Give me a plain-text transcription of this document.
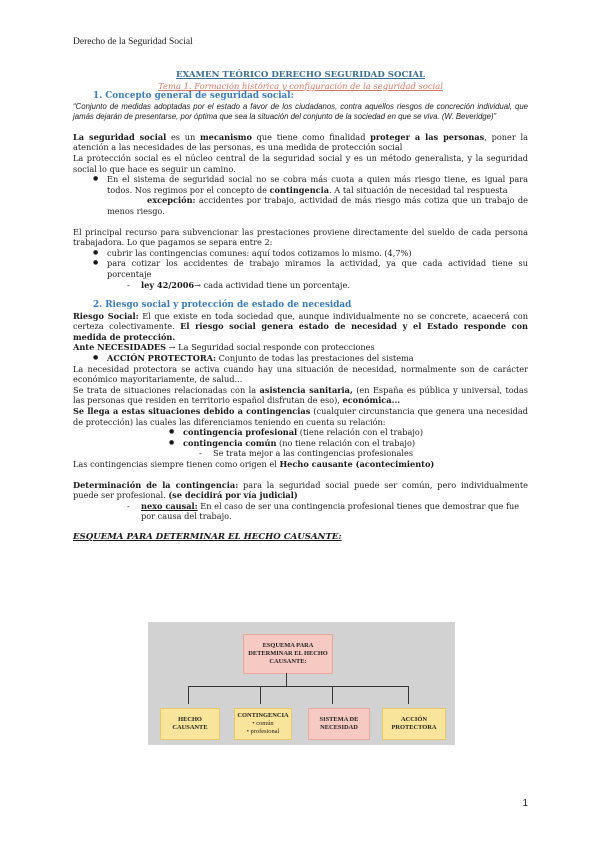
Derecho de la Seguridad Social
EXAMEN TEÓRICO DERECHO SEGURIDAD SOCIAL
Tema 1. Formación histórica y configuración de la seguridad social
1. Concepto general de seguridad social:
“Conjunto de medidas adoptadas por el estado a favor de los ciudadanos, contra aquellos riesgos de concreción individual, que jamás dejarán de presentarse, por óptima que sea la situación del conjunto de la sociedad en que se viva. (W. Beveridge)”

La seguridad social es un mecanismo que tiene como finalidad proteger a las personas, poner la atención a las necesidades de las personas, es una medida de protección social

La protección social es el núcleo central de la seguridad social y es un método generalista, y la seguridad social lo que hace es seguir un camino.

● En el sistema de seguridad social no se cobra más cuota a quien más riesgo tiene, es igual para todos. Nos regimos por el concepto de contingencia. A tal situación de necesidad tal respuesta
excepción: accidentes por trabajo, actividad de más riesgo más cotiza que un trabajo de menos riesgo.

El principal recurso para subvencionar las prestaciones proviene directamente del sueldo de cada persona trabajadora. Lo que pagamos se separa entre 2:

● cubrir las contingencias comunes: aquí todos cotizamos lo mismo. (4,7%)
● para cotizar los accidentes de trabajo miramos la actividad, ya que cada actividad tiene su porcentaje
- ley 42/2006→ cada actividad tiene un porcentaje.
2. Riesgo social y protección de estado de necesidad

Riesgo Social: El que existe en toda sociedad que, aunque individualmente no se concrete, acaecerá con certeza colectivamente. El riesgo social genera estado de necesidad y el Estado responde con medida de protección.

Ante NECESIDADES → La Seguridad social responde con protecciones

● ACCIÓN PROTECTORA: Conjunto de todas las prestaciones del sistema

La necesidad protectora se activa cuando hay una situación de necesidad, normalmente son de carácter económico mayoritariamente, de salud...

Se trata de situaciones relacionadas con la asistencia sanitaria, (en España es pública y universal, todas las personas que residen en territorio español disfrutan de eso), económica...

Se llega a estas situaciones debido a contingencias (cualquier circunstancia que genera una necesidad de protección) las cuales las diferenciamos teniendo en cuenta su relación:

● contingencia profesional (tiene relación con el trabajo)
● contingencia común (no tiene relación con el trabajo)
- Se trata mejor a las contingencias profesionales

Las contingencias siempre tienen como origen el Hecho causante (acontecimiento)

Determinación de la contingencia: para la seguridad social puede ser común, pero individualmente puede ser profesional. (se decidirá por vía judicial)

- nexo causal: En el caso de ser una contingencia profesional tienes que demostrar que fue por causa del trabajo.
ESQUEMA PARA DETERMINAR EL HECHO CAUSANTE:
ESQUEMA PARA DETERMINAR EL HECHO CAUSANTE:
HECHO CAUSANTE
CONTINGENCIA
• común
• profesional
SISTEMA DE NECESIDAD
ACCIÓN PROTECTORA
1
